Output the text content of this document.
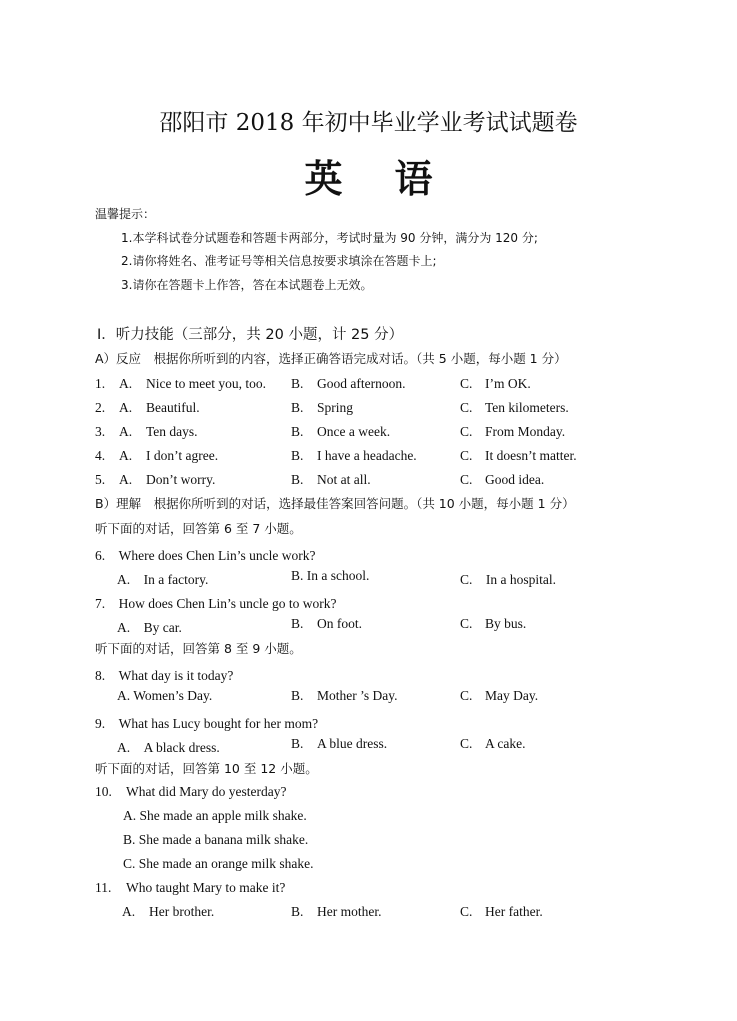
邵阳市 2018 年初中毕业学业考试试题卷
英 语
温馨提示：
1.本学科试卷分试题卷和答题卡两部分，考试时量为 90 分钟，满分为 120 分;
2.请你将姓名、准考证号等相关信息按要求填涂在答题卡上;
3.请你在答题卡上作答，答在本试题卷上无效。
Ⅰ．听力技能（三部分，共 20 小题，计 25 分）
A）反应　根据你所听到的内容，选择正确答语完成对话。（共 5 小题，每小题 1 分）
1. A. Nice to meet you, too. B. Good afternoon.	C. I’m OK.
2. A. Beautiful.	B. Spring	C. Ten kilometers.
3. A. Ten days.	B. Once a week.	C. From Monday.
4. A. I don’t agree.	B. I have a headache.	C. It doesn’t matter.
5. A. Don’t worry.	B. Not at all.	C. Good idea.
B）理解　根据你所听到的对话，选择最佳答案回答问题。（共 10 小题，每小题 1 分）
听下面的对话，回答第 6 至 7 小题。
6.　Where does Chen Lin’s uncle work?
A.　In a factory.	B. In a school.	C.　In a hospital.
7.　How does Chen Lin’s uncle go to work?
A.　By car.	B. On foot.	C. By bus.
听下面的对话，回答第 8 至 9 小题。
8.　What day is it today?
A. Women’s Day.	B. Mother ’s Day.	C. May Day.
9.　What has Lucy bought for her mom?
A.　A black dress.	B. A blue dress.	C. A cake.
听下面的对话，回答第 10 至 12 小题。
10. What did Mary do yesterday?
A. She made an apple milk shake.
B. She made a banana milk shake.
C. She made an orange milk shake.
11. Who taught Mary to make it?
A. Her brother.	B. Her mother.	C. Her father.
